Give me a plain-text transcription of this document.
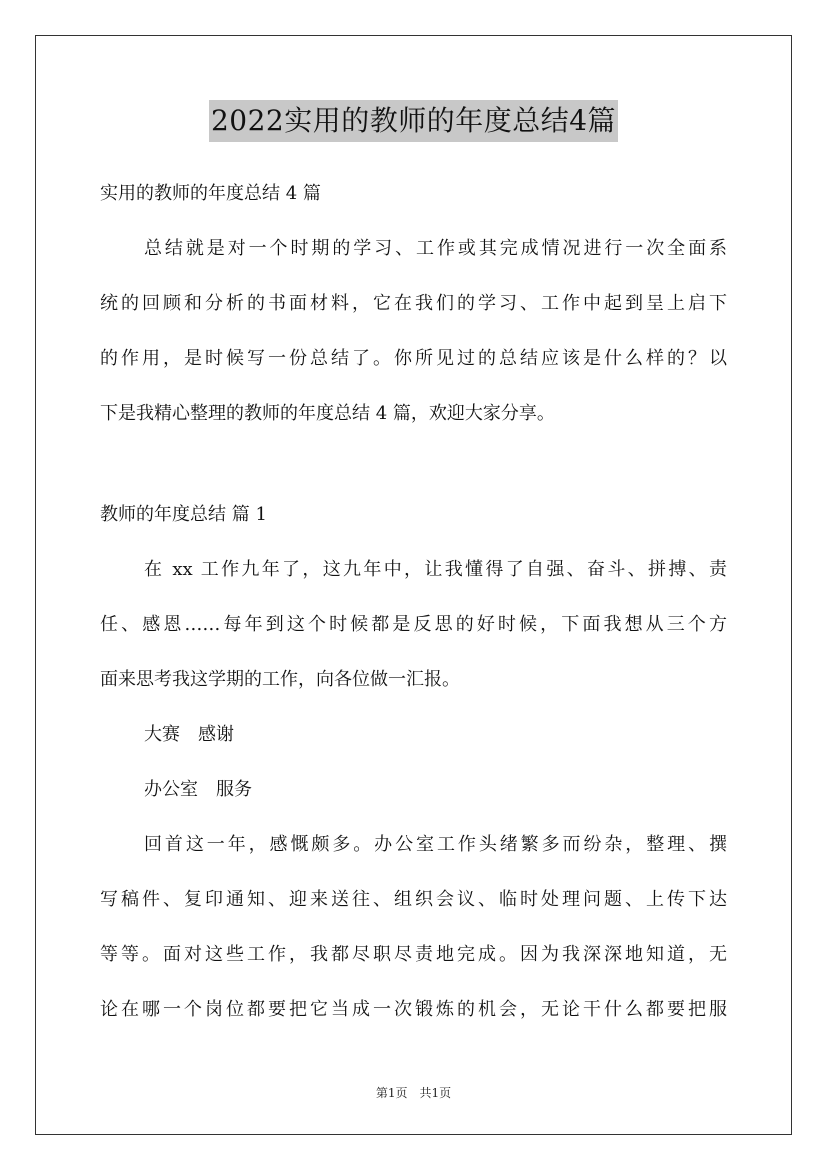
2022实用的教师的年度总结4篇
实用的教师的年度总结 4 篇
总结就是对一个时期的学习、工作或其完成情况进行一次全面系
统的回顾和分析的书面材料，它在我们的学习、工作中起到呈上启下
的作用，是时候写一份总结了。你所见过的总结应该是什么样的？以
下是我精心整理的教师的年度总结 4 篇，欢迎大家分享。
教师的年度总结 篇 1
在 xx 工作九年了，这九年中，让我懂得了自强、奋斗、拼搏、责
任、感恩……每年到这个时候都是反思的好时候，下面我想从三个方
面来思考我这学期的工作，向各位做一汇报。
大赛　感谢
办公室　服务
回首这一年，感慨颇多。办公室工作头绪繁多而纷杂，整理、撰
写稿件、复印通知、迎来送往、组织会议、临时处理问题、上传下达
等等。面对这些工作，我都尽职尽责地完成。因为我深深地知道，无
论在哪一个岗位都要把它当成一次锻炼的机会，无论干什么都要把服
第1页　共1页
